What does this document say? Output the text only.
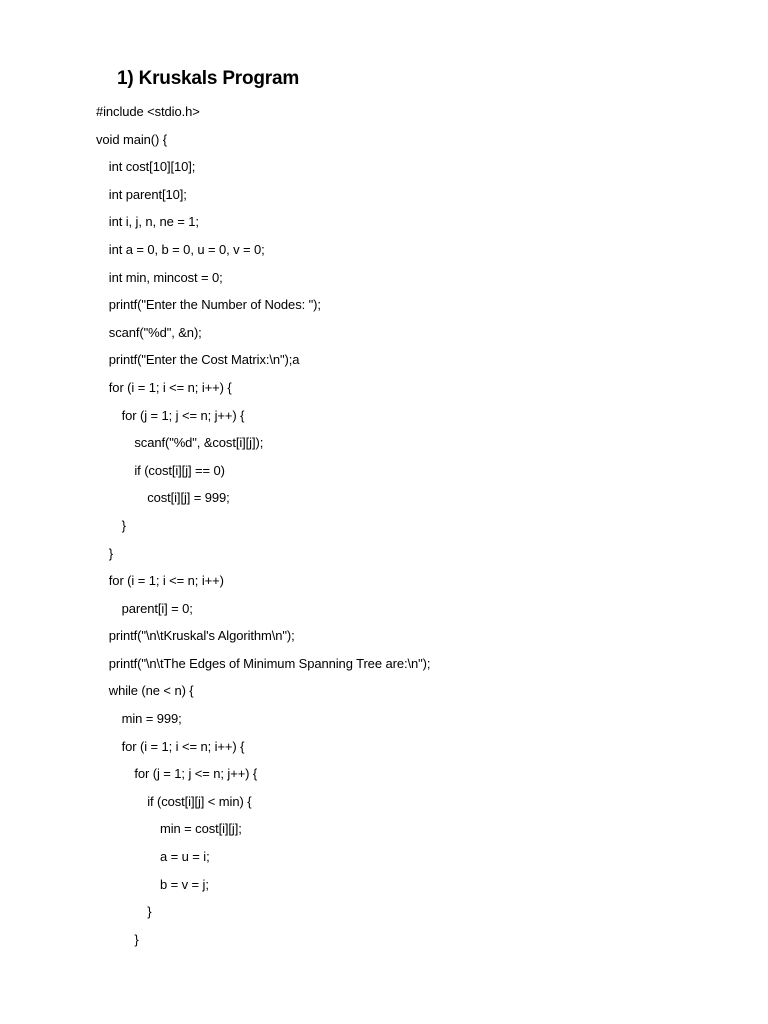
1) Kruskals Program
#include <stdio.h>
void main() {
int cost[10][10];
int parent[10];
int i, j, n, ne = 1;
int a = 0, b = 0, u = 0, v = 0;
int min, mincost = 0;
printf("Enter the Number of Nodes: ");
scanf("%d", &n);
printf("Enter the Cost Matrix:\n");a
for (i = 1; i <= n; i++) {
for (j = 1; j <= n; j++) {
scanf("%d", &cost[i][j]);
if (cost[i][j] == 0)
cost[i][j] = 999;
}
}
for (i = 1; i <= n; i++)
parent[i] = 0;
printf("\n\tKruskal's Algorithm\n");
printf("\n\tThe Edges of Minimum Spanning Tree are:\n");
while (ne < n) {
min = 999;
for (i = 1; i <= n; i++) {
for (j = 1; j <= n; j++) {
if (cost[i][j] < min) {
min = cost[i][j];
a = u = i;
b = v = j;
}
}
